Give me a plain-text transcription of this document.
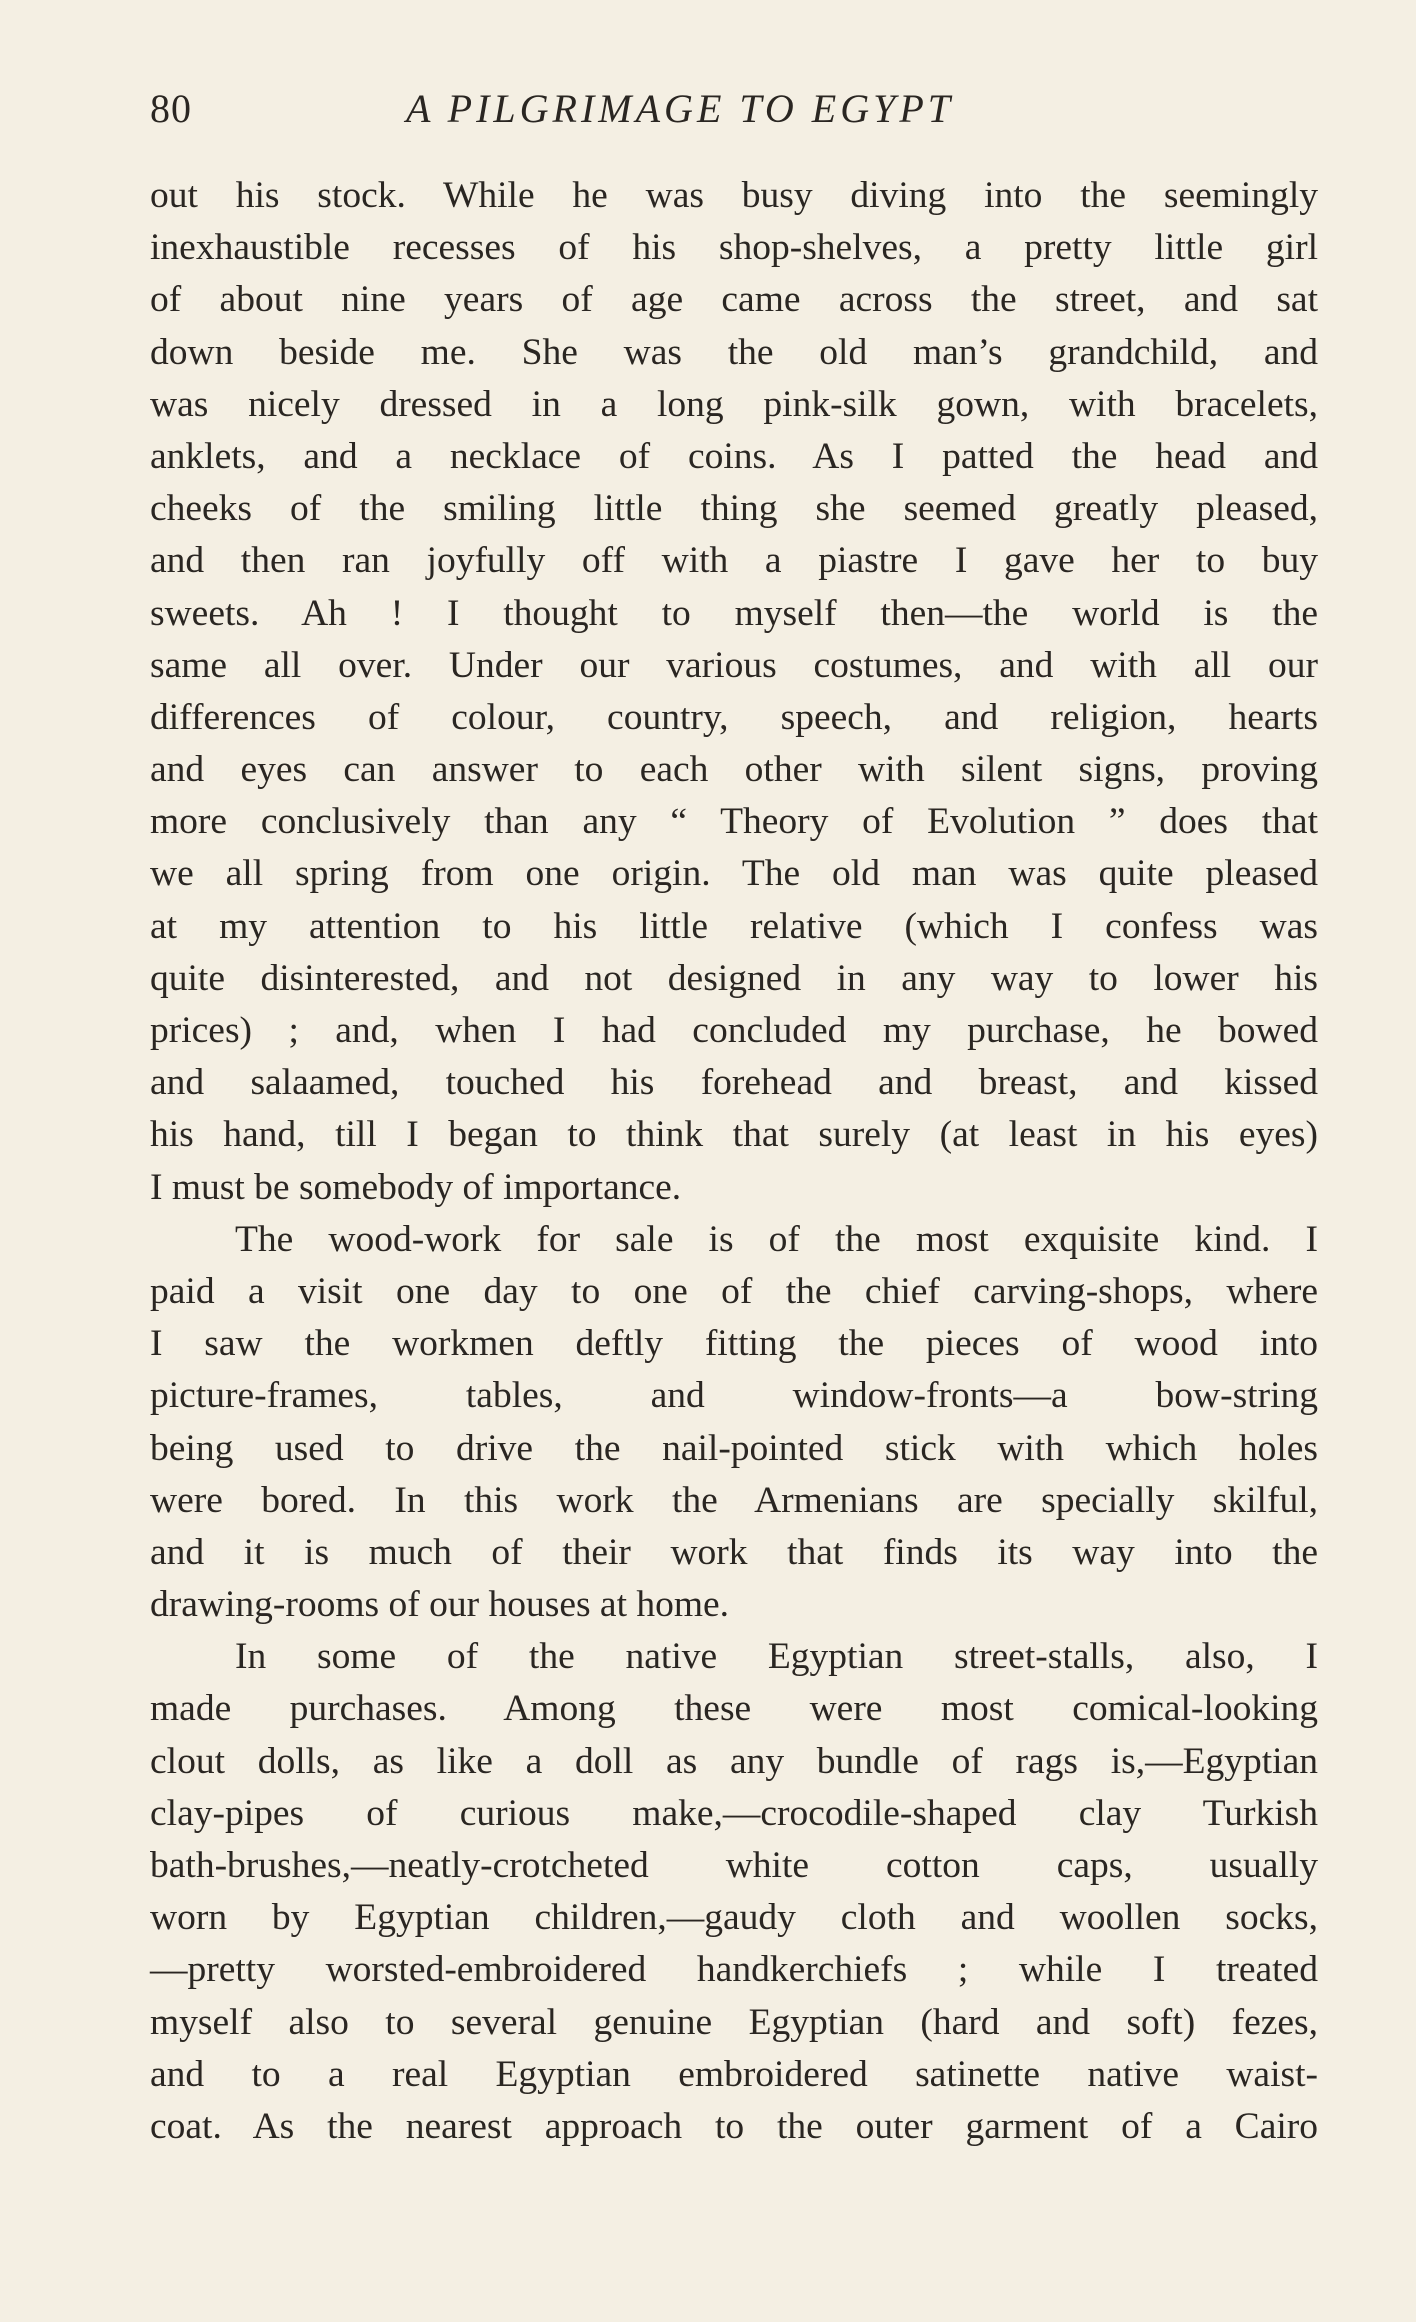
80	A PILGRIMAGE TO EGYPT
out his stock. While he was busy diving into the seemingly
inexhaustible recesses of his shop-shelves, a pretty little girl
of about nine years of age came across the street, and sat
down beside me. She was the old man’s grandchild, and
was nicely dressed in a long pink-silk gown, with bracelets,
anklets, and a necklace of coins. As I patted the head and
cheeks of the smiling little thing she seemed greatly pleased,
and then ran joyfully off with a piastre I gave her to buy
sweets. Ah ! I thought to myself then—the world is the
same all over. Under our various costumes, and with all our
differences of colour, country, speech, and religion, hearts
and eyes can answer to each other with silent signs, proving
more conclusively than any “ Theory of Evolution ” does that
we all spring from one origin. The old man was quite pleased
at my attention to his little relative (which I confess was
quite disinterested, and not designed in any way to lower his
prices) ; and, when I had concluded my purchase, he bowed
and salaamed, touched his forehead and breast, and kissed
his hand, till I began to think that surely (at least in his eyes)
I must be somebody of importance.
The wood-work for sale is of the most exquisite kind. I
paid a visit one day to one of the chief carving-shops, where
I saw the workmen deftly fitting the pieces of wood into
picture-frames, tables, and window-fronts—a bow-string
being used to drive the nail-pointed stick with which holes
were bored. In this work the Armenians are specially skilful,
and it is much of their work that finds its way into the
drawing-rooms of our houses at home.
In some of the native Egyptian street-stalls, also, I
made purchases. Among these were most comical-looking
clout dolls, as like a doll as any bundle of rags is,—Egyptian
clay-pipes of curious make,—crocodile-shaped clay Turkish
bath-brushes,—neatly-crotcheted white cotton caps, usually
worn by Egyptian children,—gaudy cloth and woollen socks,
—pretty worsted-embroidered handkerchiefs ; while I treated
myself also to several genuine Egyptian (hard and soft) fezes,
and to a real Egyptian embroidered satinette native waist-
coat. As the nearest approach to the outer garment of a Cairo
